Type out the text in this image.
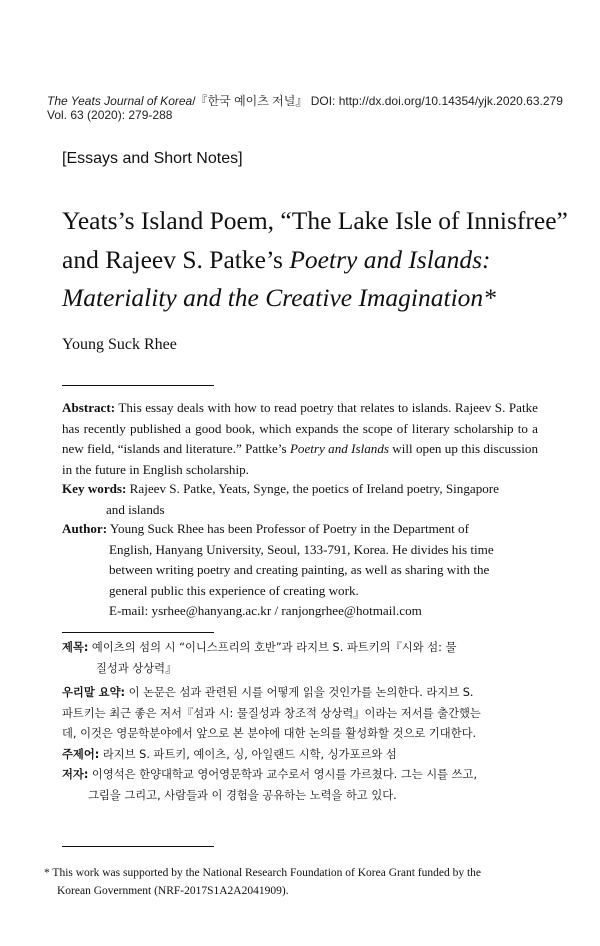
The Yeats Journal of Korea/『한국 예이츠 저널』 DOI: http://dx.doi.org/10.14354/yjk.2020.63.279
Vol. 63 (2020): 279-288
[Essays and Short Notes]
Yeats’s Island Poem, “The Lake Isle of Innisfree”
and Rajeev S. Patke’s Poetry and Islands:
Materiality and the Creative Imagination*
Young Suck Rhee
Abstract: This essay deals with how to read poetry that relates to islands. Rajeev S. Patke has recently published a good book, which expands the scope of literary scholarship to a new field, “islands and literature.” Pattke’s Poetry and Islands will open up this discussion in the future in English scholarship.
Key words: Rajeev S. Patke, Yeats, Synge, the poetics of Ireland poetry, Singapore
and islands
Author: Young Suck Rhee has been Professor of Poetry in the Department of
English, Hanyang University, Seoul, 133-791, Korea. He divides his time
between writing poetry and creating painting, as well as sharing with the
general public this experience of creating work.
E-mail: ysrhee@hanyang.ac.kr / ranjongrhee@hotmail.com
제목: 예이츠의 섬의 시 “이니스프리의 호반”과 라지브 S. 파트키의『시와 섬: 물
질성과 상상력』
우리말 요약: 이 논문은 섬과 관련된 시를 어떻게 읽을 것인가를 논의한다. 라지브 S.
파트키는 최근 좋은 저서『섬과 시: 물질성과 창조적 상상력』이라는 저서를 출간했는
데, 이것은 영문학분야에서 앞으로 본 분야에 대한 논의를 활성화할 것으로 기대한다.
주제어: 라지브 S. 파트키, 예이츠, 싱, 아일랜드 시학, 싱가포르와 섬
저자: 이영석은 한양대학교 영어영문학과 교수로서 영시를 가르쳤다. 그는 시를 쓰고,
그림을 그리고, 사람들과 이 경험을 공유하는 노력을 하고 있다.
* This work was supported by the National Research Foundation of Korea Grant funded by the
Korean Government (NRF-2017S1A2A2041909).
